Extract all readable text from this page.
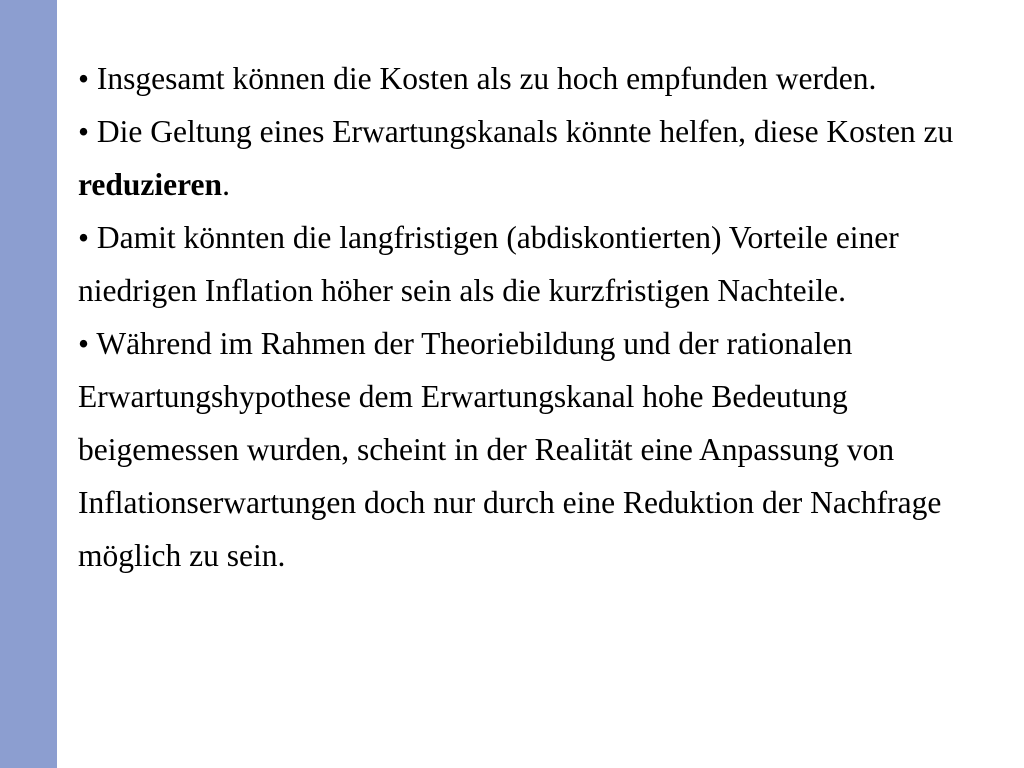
• Insgesamt können die Kosten als zu hoch empfunden werden.

• Die Geltung eines Erwartungskanals könnte helfen, diese Kosten zu reduzieren.

• Damit könnten die langfristigen (abdiskontierten) Vorteile einer niedrigen Inflation höher sein als die kurzfristigen Nachteile.

• Während im Rahmen der Theoriebildung und der rationalen Erwartungshypothese dem Erwartungskanal hohe Bedeutung beigemessen wurden, scheint in der Realität eine Anpassung von Inflationserwartungen doch nur durch eine Reduktion der Nachfrage möglich zu sein.
